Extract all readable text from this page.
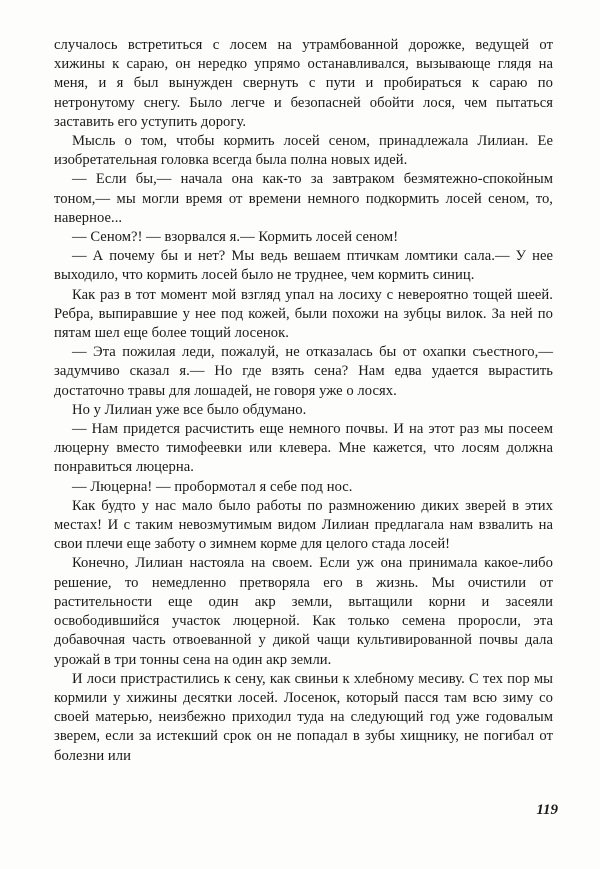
случалось встретиться с лосем на утрамбованной дорожке, ведущей от хижины к сараю, он нередко упрямо останавливался, вызывающе глядя на меня, и я был вынужден свернуть с пути и пробираться к сараю по нетронутому снегу. Было легче и безопасней обойти лося, чем пытаться заставить его уступить дорогу.

Мысль о том, чтобы кормить лосей сеном, принадлежала Лилиан. Ее изобретательная головка всегда была полна новых идей.

— Если бы,— начала она как-то за завтраком безмятежно-спокойным тоном,— мы могли время от времени немного подкормить лосей сеном, то, наверное...

— Сеном?! — взорвался я.— Кормить лосей сеном!

— А почему бы и нет? Мы ведь вешаем птичкам ломтики сала.— У нее выходило, что кормить лосей было не труднее, чем кормить синиц.

Как раз в тот момент мой взгляд упал на лосиху с невероятно тощей шеей. Ребра, выпиравшие у нее под кожей, были похожи на зубцы вилок. За ней по пятам шел еще более тощий лосенок.

— Эта пожилая леди, пожалуй, не отказалась бы от охапки съестного,— задумчиво сказал я.— Но где взять сена? Нам едва удается вырастить достаточно травы для лошадей, не говоря уже о лосях.

Но у Лилиан уже все было обдумано.

— Нам придется расчистить еще немного почвы. И на этот раз мы посеем люцерну вместо тимофеевки или клевера. Мне кажется, что лосям должна понравиться люцерна.

— Люцерна! — пробормотал я себе под нос.

Как будто у нас мало было работы по размножению диких зверей в этих местах! И с таким невозмутимым видом Лилиан предлагала нам взвалить на свои плечи еще заботу о зимнем корме для целого стада лосей!

Конечно, Лилиан настояла на своем. Если уж она принимала какое-либо решение, то немедленно претворяла его в жизнь. Мы очистили от растительности еще один акр земли, вытащили корни и засеяли освободившийся участок люцерной. Как только семена проросли, эта добавочная часть отвоеванной у дикой чащи культивированной почвы дала урожай в три тонны сена на один акр земли.

И лоси пристрастились к сену, как свиньи к хлебному месиву. С тех пор мы кормили у хижины десятки лосей. Лосенок, который пасся там всю зиму со своей матерью, неизбежно приходил туда на следующий год уже годовалым зверем, если за истекший срок он не попадал в зубы хищнику, не погибал от болезни или

119
